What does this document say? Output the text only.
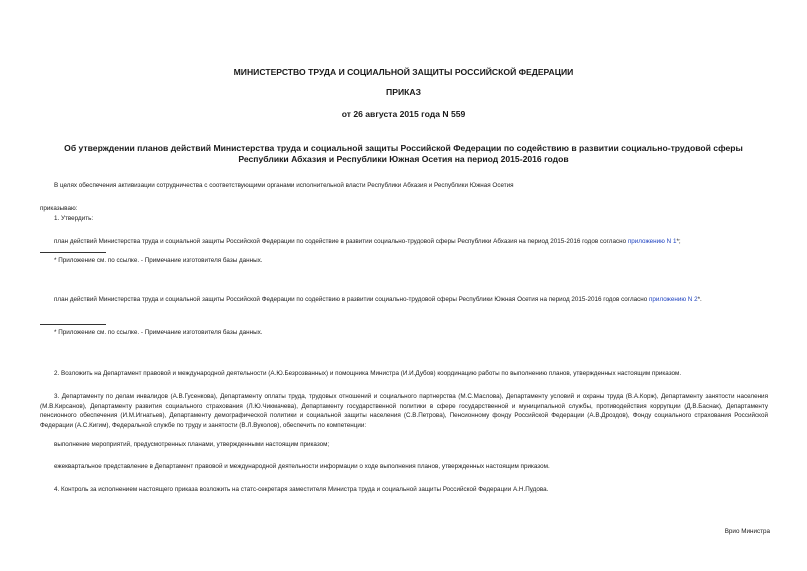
МИНИСТЕРСТВО ТРУДА И СОЦИАЛЬНОЙ ЗАЩИТЫ РОССИЙСКОЙ ФЕДЕРАЦИИ

ПРИКАЗ

от 26 августа 2015 года N 559

Об утверждении планов действий Министерства труда и социальной защиты Российской Федерации по содействию в развитии социально-трудовой сферы

Республики Абхазия и Республики Южная Осетия на период 2015-2016 годов

В целях обеспечения активизации сотрудничества с соответствующими органами исполнительной власти Республики Абхазия и Республики Южная Осетия

приказываю:

1. Утвердить:

план действий Министерства труда и социальной защиты Российской Федерации по содействие в развитии социально-трудовой сферы Республики Абхазия на период 2015-2016 годов согласно приложению N 1*;

* Приложение см. по ссылке. - Примечание изготовителя базы данных.

план действий Министерства труда и социальной защиты Российской Федерации по содействию в развитии социально-трудовой сферы Республики Южная Осетия на период 2015-2016 годов согласно приложению N 2*.

* Приложение см. по ссылке. - Примечание изготовителя базы данных.

2. Возложить на Департамент правовой и международной деятельности (А.Ю.Безрозванных) и помощника Министра (И.И.Дубов) координацию работы по выполнению планов, утвержденных настоящим приказом.

3. Департаменту по делам инвалидов (А.В.Гусенкова), Департаменту оплаты труда, трудовых отношений и социального партнерства (М.С.Маслова), Департаменту условий и охраны труда (В.А.Корж), Департаменту занятости населения (М.В.Кирсанов), Департаменту развития социального страхования (Л.Ю.Чикмачева), Департаменту государственной политики в сфере государственной и муниципальной службы, противодействия коррупции (Д.В.Баснак), Департаменту пенсионного обеспечения (И.М.Игнатьев), Департаменту демографической политики и социальной защиты населения (С.В.Петрова), Пенсионному фонду Российской Федерации (А.В.Дроздов), Фонду социального страхования Российской Федерации (А.С.Кигим), Федеральной службе по труду и занятости (В.Л.Вуколов), обеспечить по компетенции:

выполнение мероприятий, предусмотренных планами, утвержденными настоящим приказом;

ежеквартальное представление в Департамент правовой и международной деятельности информации о ходе выполнения планов, утвержденных настоящим приказом.

4. Контроль за исполнением настоящего приказа возложить на статс-секретаря заместителя Министра труда и социальной защиты Российской Федерации А.Н.Пудова.

Врио Министра
